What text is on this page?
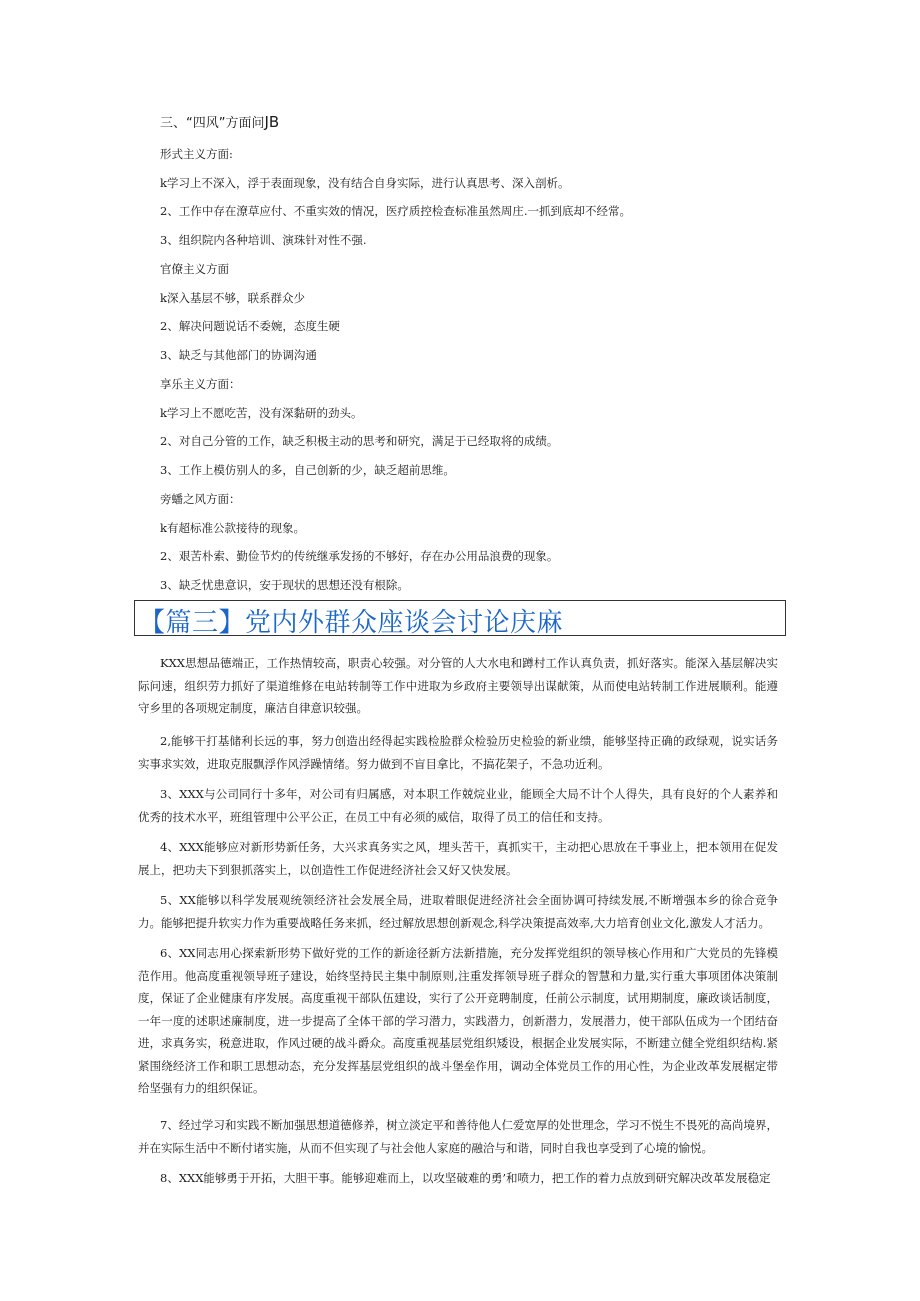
三、“四风”方面问JB
形式主义方面:
k学习上不深入，浮于表面现象，没有结合自身实际，进行认真思考、深入剖析。
2、工作中存在潦草应付、不重实效的情况，医疗质控检查标准虽然周庄.一抓到底却不经常。
3、组织院内各种培训、演珠针对性不强.
官僚主义方面
k深入基层不够，联系群众少
2、解决问题说话不委婉，态度生硬
3、缺乏与其他部门的协调沟通
享乐主义方面：
k学习上不愿吃苦，没有深黏研的劲头。
2、对自己分管的工作，缺乏积极主动的思考和研究，满足于已经取将的成绩。
3、工作上模仿别人的多，自己创新的少，缺乏超前思维。
旁蟠之风方面：
k有超标准公款接待的现象。
2、艰苦朴索、勤俭节灼的传统继承发扬的不够好，存在办公用品浪费的现象。
3、缺乏忧患意识，安于现状的思想还没有根除。
【篇三】党内外群众座谈会讨论庆麻

KXX思想品德端正，工作热情较高，职责心较强。对分管的人大水电和蹲村工作认真负责，抓好落实。能深入基层解决实际问速，组织劳力抓好了渠道维修在电站转制等工作中进取为乡政府主要领导出谋献策，从而使电站转制工作进展顺利。能遵守乡里的各项规定制度，廉洁自律意识较强。

2,能够干打基储利长远的事，努力创造出经得起实践检脸群众检验历史检验的新业缋，能够坚持正确的政绿观，说实话务实事求实效，进取克服飘浮作风浮躁情绪。努力做到不盲目拿比，不搞花架子，不急功近利。

3、XXX与公司同行十多年，对公司有归属感，对本职工作兢烷业业，能顾全大局不计个人得失，具有良好的个人素养和优秀的技术水平，班组管理中公平公正，在员工中有必须的威信，取得了员工的信任和支持。

4、XXX能够应对新形势新任务，大兴求真务实之风，埋头苦干，真抓实干，主动把心思放在千事业上，把本领用在促发展上，把功夫下到狠抓落实上，以创造性工作促进经济社会又好又快发展。

5、XX能够以科学发展观统领经济社会发展全局，进取着眼促进经济社会全面协调可持续发展,不断增强本乡的徐合竞争力。能够把提升软实力作为重要战略任务来抓，经过解放思想创新观念,科学决策提高效率,大力培育创业文化,激发人才活力。

6、XX同志用心探索新形势下做好党的工作的新途径新方法新措施，充分发挥党组织的领导核心作用和广大党员的先锋模范作用。他高度重视领导班子建设，始终坚持民主集中制原则,注重发挥领导班子群众的智慧和力量,实行重大事项团体决策制度，保证了企业健康有序发展。高度重视干部队伍建设，实行了公开竞聘制度，任前公示制度，试用期制度，廉政谈话制度，一年一度的述职述廉制度，进一步提高了全体干部的学习潜力，实践潜力，创新潜力，发展潜力，使干部队伍成为一个团结奋进，求真务实，税意进取，作风过硬的战斗爵众。高度重视基层党组织矮设，根据企业发展实际，不断建立健全党组织结构.紧紧围绕经济工作和职工思想动态，充分发挥基层党组织的战斗堡垒作用，调动全体党员工作的用心性，为企业改革发展椐定带给坚强有力的组织保证。

7、经过学习和实践不断加强思想道德修养，树立淡定平和善待他人仁爱宽厚的处世理念，学习不悦生不畏死的高尚境界，并在实际生活中不断付诸实施，从而不但实现了与社会他人家庭的融洽与和谐，同时自我也享受到了心境的愉悦。

8、XXX能够勇于开拓，大胆干事。能够迎难而上，以攻坚破难的勇’和喷力，把工作的着力点放到研究解决改革发展稳定
